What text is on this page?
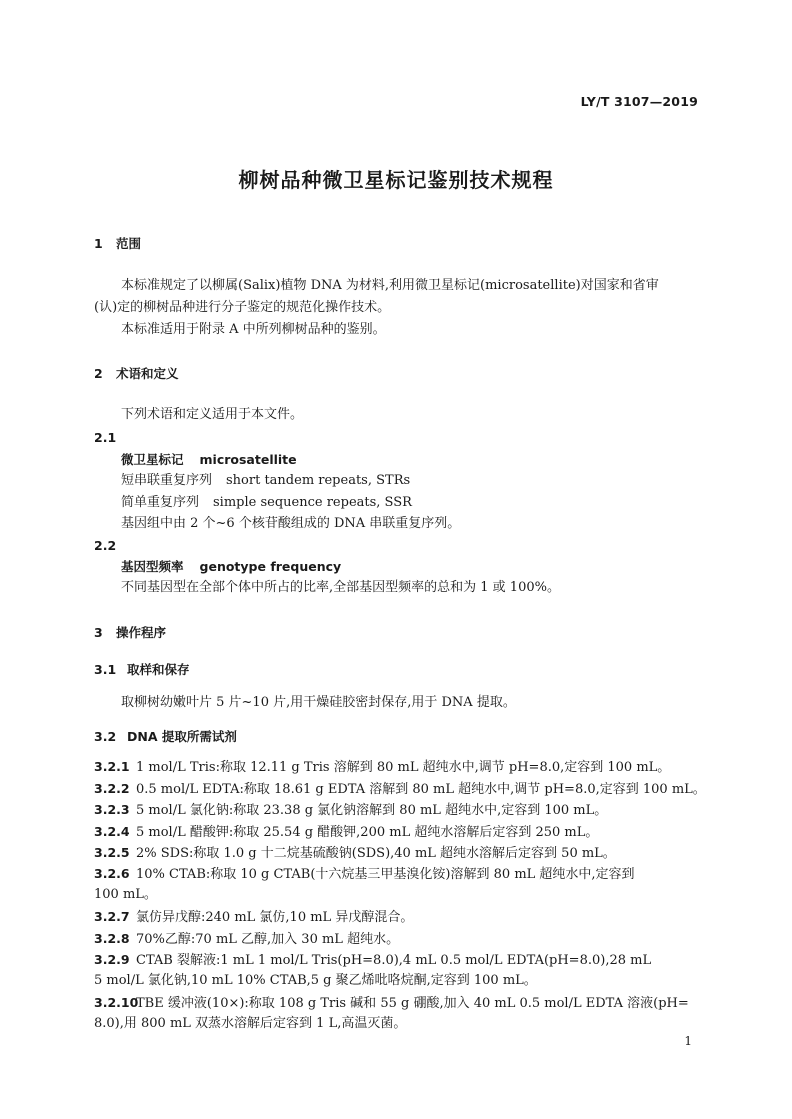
LY/T 3107—2019
柳树品种微卫星标记鉴别技术规程
1 范围
本标准规定了以柳属(Salix)植物 DNA 为材料,利用微卫星标记(microsatellite)对国家和省审
(认)定的柳树品种进行分子鉴定的规范化操作技术。
本标准适用于附录 A 中所列柳树品种的鉴别。
2 术语和定义
下列术语和定义适用于本文件。
2.1
微卫星标记 microsatellite
短串联重复序列 short tandem repeats, STRs
简单重复序列 simple sequence repeats, SSR
基因组中由 2 个~6 个核苷酸组成的 DNA 串联重复序列。
2.2
基因型频率 genotype frequency
不同基因型在全部个体中所占的比率,全部基因型频率的总和为 1 或 100%。
3 操作程序
3.1 取样和保存
取柳树幼嫩叶片 5 片~10 片,用干燥硅胶密封保存,用于 DNA 提取。
3.2 DNA 提取所需试剂
3.2.1 1 mol/L Tris:称取 12.11 g Tris 溶解到 80 mL 超纯水中,调节 pH=8.0,定容到 100 mL。
3.2.2 0.5 mol/L EDTA:称取 18.61 g EDTA 溶解到 80 mL 超纯水中,调节 pH=8.0,定容到 100 mL。
3.2.3 5 mol/L 氯化钠:称取 23.38 g 氯化钠溶解到 80 mL 超纯水中,定容到 100 mL。
3.2.4 5 mol/L 醋酸钾:称取 25.54 g 醋酸钾,200 mL 超纯水溶解后定容到 250 mL。
3.2.5 2% SDS:称取 1.0 g 十二烷基硫酸钠(SDS),40 mL 超纯水溶解后定容到 50 mL。
3.2.6 10% CTAB:称取 10 g CTAB(十六烷基三甲基溴化铵)溶解到 80 mL 超纯水中,定容到
100 mL。
3.2.7 氯仿异戊醇:240 mL 氯仿,10 mL 异戊醇混合。
3.2.8 70%乙醇:70 mL 乙醇,加入 30 mL 超纯水。
3.2.9 CTAB 裂解液:1 mL 1 mol/L Tris(pH=8.0),4 mL 0.5 mol/L EDTA(pH=8.0),28 mL
5 mol/L 氯化钠,10 mL 10% CTAB,5 g 聚乙烯吡咯烷酮,定容到 100 mL。
3.2.10TBE 缓冲液(10×):称取 108 g Tris 碱和 55 g 硼酸,加入 40 mL 0.5 mol/L EDTA 溶液(pH=
8.0),用 800 mL 双蒸水溶解后定容到 1 L,高温灭菌。
1
